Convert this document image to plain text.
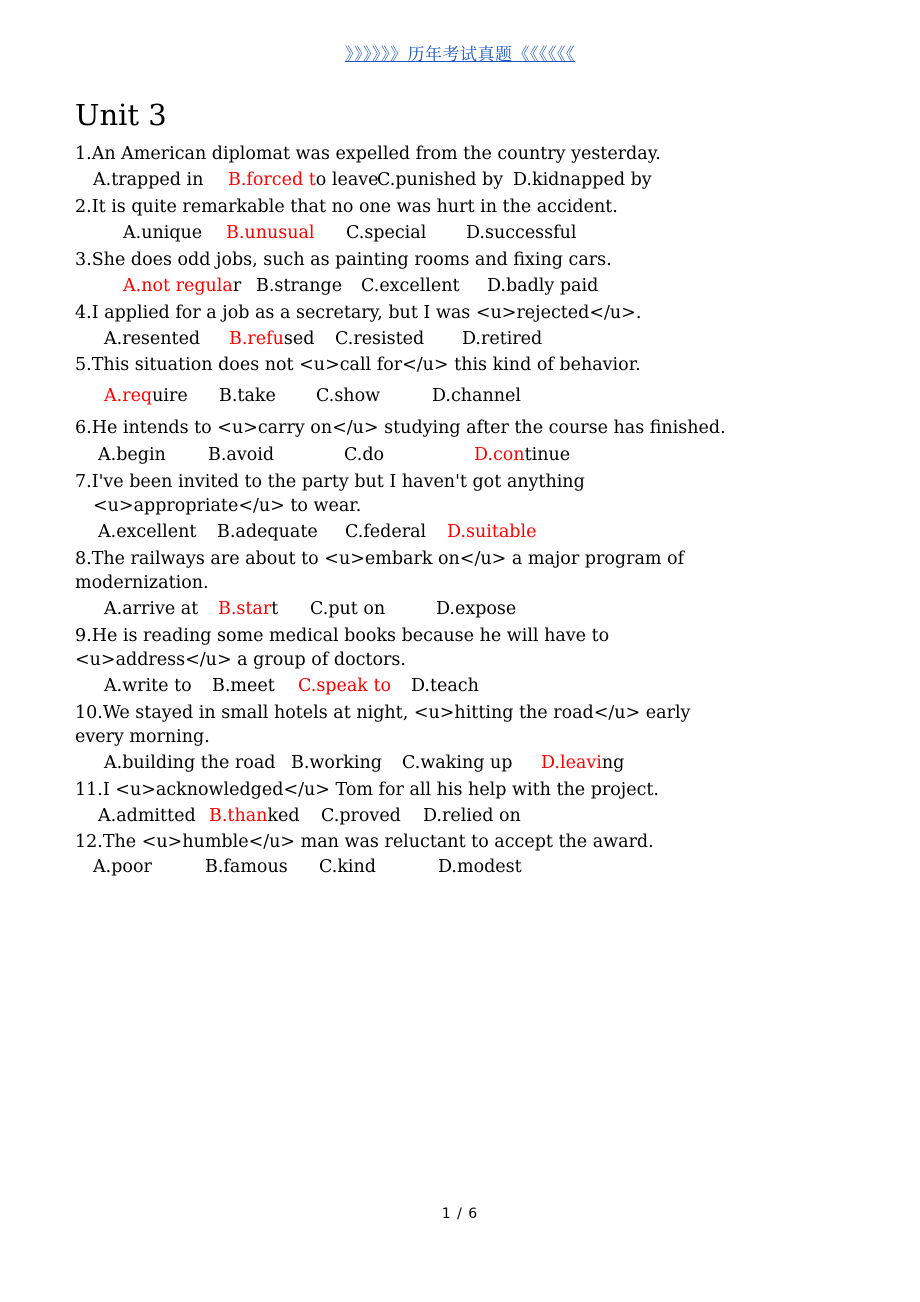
》》》》》》历年考试真题《《《《《《
Unit 3
1.An American diplomat was expelled from the country yesterday.
A.trapped in B.forced to leave
C.punished by D.kidnapped by
2.It is quite remarkable that no one was hurt in the accident.
A.unique B.unusual C.special D.successful
3.She does odd jobs, such as painting rooms and fixing cars.
A.not regular B.strange C.excellent D.badly paid
4.I applied for a job as a secretary, but I was <u>rejected</u>.
A.resented B.refused C.resisted D.retired
5.This situation does not <u>call for</u> this kind of behavior.
A.require B.take C.show	D.channel
6.He intends to <u>carry on</u> studying after the course has finished.
A.begin B.avoid	C.do	D.continue
7.I've been invited to the party but I haven't got anything
<u>appropriate</u> to wear.
A.excellent B.adequate C.federal D.suitable
8.The railways are about to <u>embark on</u> a major program of
modernization.
A.arrive at B.start C.put on	D.expose
9.He is reading some medical books because he will have to
<u>address</u> a group of doctors.
A.write to B.meet C.speak to D.teach
10.We stayed in small hotels at night, <u>hitting the road</u> early
every morning.
A.building the road B.working C.waking up D.leaving
11.I <u>acknowledged</u> Tom for all his help with the project.
A.admitted B.thanked C.proved D.relied on
12.The <u>humble</u> man was reluctant to accept the award.
A.poor	B.famous C.kind	D.modest
1 / 6
